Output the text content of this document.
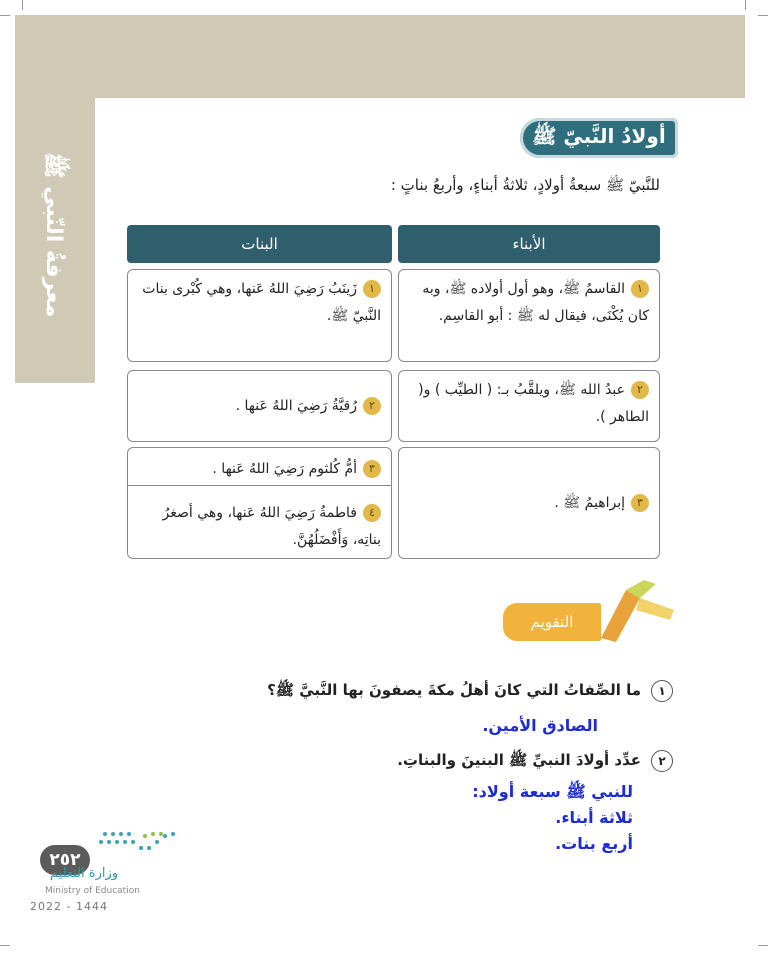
معرفةُ النّبي ﷺ
أولادُ النَّبيّ ﷺ
للنَّبيّ ﷺ سبعةُ أولادٍ، ثلاثةُ أبناءٍ، وأربعُ بناتٍ :
الأبناء
البنات
١القاسمُ ﷺ، وهو أول أولاده ﷺ، وبه كان يُكْنَى، فيقال له ﷺ : أبو القاسِم.
٢عبدُ الله ﷺ، ويلقَّبُ بـ: ( الطيِّب ) و( الطاهر ).
٣
إبراهيمُ ﷺ .
١زَينَبُ رَضِيَ اللهُ عَنها، وهي كُبْرى بنات النَّبيّ ﷺ.
٢
رُقيَّةُ رَضِيَ اللهُ عَنها .
٣أمُّ كُلثوم رَضِيَ اللهُ عَنها .
٤فاطمةُ رَضِيَ اللهُ عَنها، وهي أصغرُ بناتِه، وَأَفْضَلُهُنَّ.
التقويم
١ما الصِّفاتُ التي كانَ أهلُ مكةَ يصفونَ بها النَّبيَّ ﷺ؟
الصادق الأمين.
٢عدِّد أولادَ النبيِّ ﷺ البنينَ والبناتِ.
للنبي ﷺ سبعة أولاد:
ثلاثة أبناء.
أربع بنات.
٢٥٢
وزارة التعليم
Ministry of Education
2022 - 1444
